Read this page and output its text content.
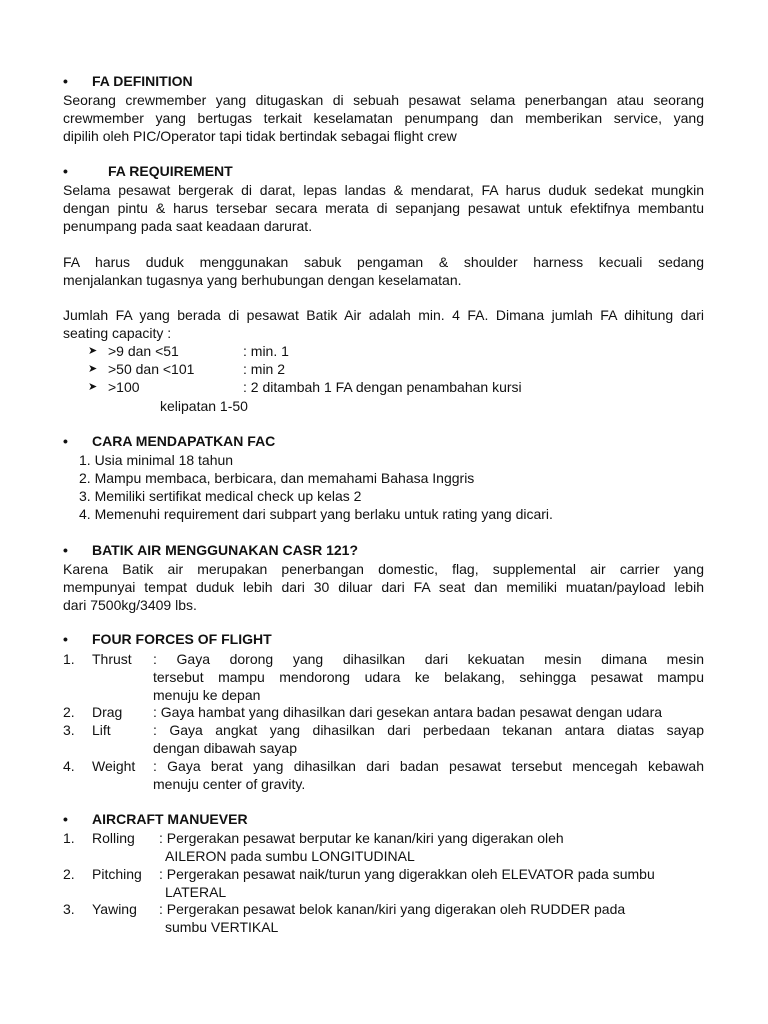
• FA DEFINITION
Seorang crewmember yang ditugaskan di sebuah pesawat selama penerbangan atau seorang
crewmember yang bertugas terkait keselamatan penumpang dan memberikan service, yang
dipilih oleh PIC/Operator tapi tidak bertindak sebagai flight crew
•	FA REQUIREMENT
Selama pesawat bergerak di darat, lepas landas & mendarat, FA harus duduk sedekat mungkin
dengan pintu & harus tersebar secara merata di sepanjang pesawat untuk efektifnya membantu
penumpang pada saat keadaan darurat.
FA harus duduk menggunakan sabuk pengaman & shoulder harness kecuali sedang
menjalankan tugasnya yang berhubungan dengan keselamatan.
Jumlah FA yang berada di pesawat Batik Air adalah min. 4 FA. Dimana jumlah FA dihitung dari
seating capacity :
➤ >9 dan <51	: min. 1
➤ >50 dan <101	: min 2
➤ >100	: 2 ditambah 1 FA dengan penambahan kursi
kelipatan 1-50
• CARA MENDAPATKAN FAC
1. Usia minimal 18 tahun
2. Mampu membaca, berbicara, dan memahami Bahasa Inggris
3. Memiliki sertifikat medical check up kelas 2
4. Memenuhi requirement dari subpart yang berlaku untuk rating yang dicari.
• BATIK AIR MENGGUNAKAN CASR 121?
Karena Batik air merupakan penerbangan domestic, flag, supplemental air carrier yang
mempunyai tempat duduk lebih dari 30 diluar dari FA seat dan memiliki muatan/payload lebih
dari 7500kg/3409 lbs.
• FOUR FORCES OF FLIGHT
1. Thrust : Gaya dorong yang dihasilkan dari kekuatan mesin dimana mesin
tersebut mampu mendorong udara ke belakang, sehingga pesawat mampu
menuju ke depan
2. Drag : Gaya hambat yang dihasilkan dari gesekan antara badan pesawat dengan udara
3. Lift	: Gaya angkat yang dihasilkan dari perbedaan tekanan antara diatas sayap
dengan dibawah sayap
4. Weight : Gaya berat yang dihasilkan dari badan pesawat tersebut mencegah kebawah
menuju center of gravity.
• AIRCRAFT MANUEVER
1. Rolling : Pergerakan pesawat berputar ke kanan/kiri yang digerakan oleh
AILERON pada sumbu LONGITUDINAL
2. Pitching : Pergerakan pesawat naik/turun yang digerakkan oleh ELEVATOR pada sumbu
LATERAL
3. Yawing : Pergerakan pesawat belok kanan/kiri yang digerakan oleh RUDDER pada
sumbu VERTIKAL
